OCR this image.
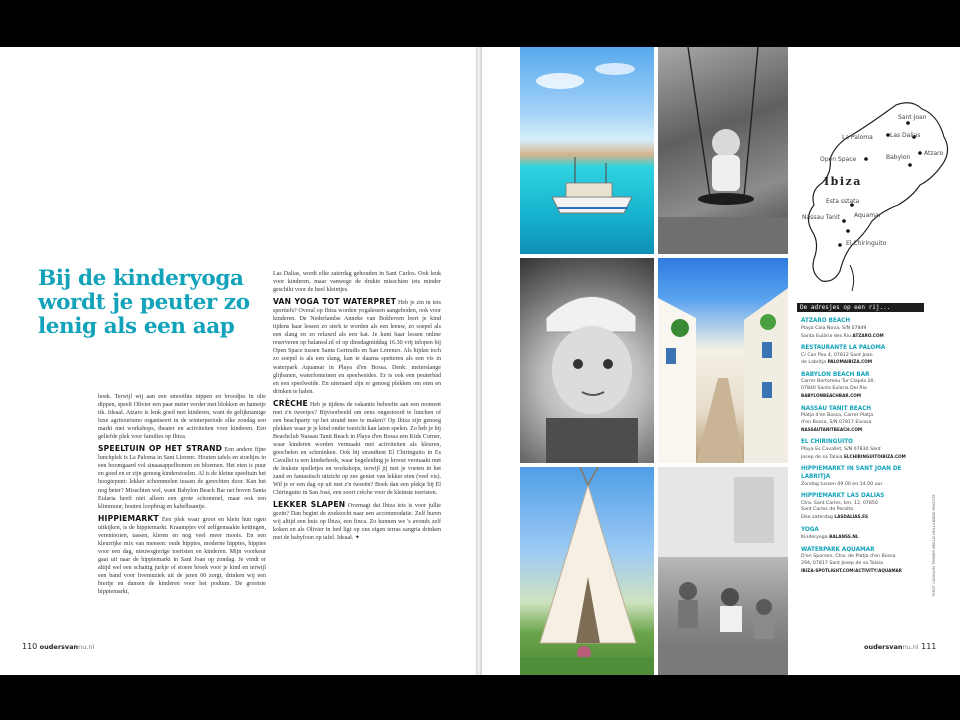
Bij de kinderyoga
wordt je peuter zo
lenig als een aap

hoek. Terwijl wij aan een smoothie nippen en broodjes in olie dippen, speelt Olivier een paar meter verder met blokken en hametje tik. Ideaal. Atzaro is leuk goed met kinderen, want de gelijknamige luxe agritourismo organiseert in de winterperiode elke zondag een markt met workshops, theater en activiteiten voor kinderen. Een geliefde plek voor families op Ibiza.

SPEELTUIN OP HET STRAND Een andere fijne lunchplek is La Paloma in Sant Llorenc. Houten tafels en stoeltjes in een boomgaard vol sinaasappelbomen en bloemen. Het eten is puur en goed en er zijn genoeg kinderstoelen. Al is de kleine speeltuin het hoogtepunt: lekker schommelen tussen de gerechten door. Kan het nog beter? Misschien wel, want Babylon Beach Bar net boven Santa Eularia heeft niet alleen een grote schommel, maar ook een klimmuur, houten loopbrug en kabelbaantje.

HIPPIEMARKT Een plek waar groot en klein hun ogen uitkijken, is de hippiemarkt. Kraampjes vol zelfgemaakte kettingen, verentooien, tassen, kleren en nog veel meer moois. En een kleurrijke mix van mensen: oude hippies, moderne hippies, hippies voor een dag, nieuwsgierige toeristen en kinderen. Mijn voorkeur gaat uit naar de hippiemarkt in Sant Joan op zondag. Je vindt er altijd wel een schattig jurkje of stoere broek voor je kind en terwijl een band voor livemuziek uit de jaren 60 zorgt, drinken wij een biertje en dansen de kinderen voor het podium. De grootste hippiemarkt,

Las Dalias, wordt elke zaterdag gehouden in Sant Carlos. Ook leuk voor kinderen, maar vanwege de drukte misschien iets minder geschikt voor de heel kleintjes.

VAN YOGA TOT WATERPRET Heb je zin in iets sportiefs? Overal op Ibiza worden yogalessen aangeboden, ook voor kinderen. De Nederlandse Anneke van Bokhoven leert je kind tijdens haar lessen zo sterk te worden als een leeuw, zo soepel als een slang en zo relaxed als een kat. Je kunt haar lessen online reserveren op balanssl.nl of op dinsdagmiddag 16.30 vrij inlopen bij Open Space tussen Santa Gertrudis en San Lorenzo. Als hijdan toch zo soepel is als een slang, kan ie daarna spetteren als een vis in waterpark Aquamar in Playa d'en Bossa. Denk: meterslange glijbanen, waterfonteinen en speelweides. Er is ook een peuterbad en een speelweide. En uiteraard zijn er genoeg plekken om eten en drinken te halen.

CRÈCHE Heb je tijdens de vakantie behoefte aan een moment met z'n tweetjes? Bijvoorbeeld om eens ongestoord te lunchen of een beachparty op het strand mee te maken? Op Ibiza zijn genoeg plekken waar je je kind onder toezicht kan laten spelen. Zo heb je bij Beachclub Nassau Tanit Beach in Playa d'en Bossa een Kids Corner, waar kinderen worden vermaakt met activiteiten als kleuren, goochelen en schminken. Ook bij strandtent El Chiringuito in Es Cavallet is een kinderhoek, waar begeleiding je kroost vermaakt met de leukste spelletjes en workshops, terwijl jij met je voeten in het zand en fantastisch uitzicht op zee geniet van lekker eten (veel vis). Wil je er een dag op uit met z'n tweeën? Boek dan een plekje bij El Chiringuito in San José, een soort crèche voor de kleinste toeristen.

LEKKER SLAPEN Overnagt dat Ibiza iets is voor jullie gezin? Dan begint de zoektocht naar een accommodatie. Zelf huren wij altijd een huis op Ibiza, een finca. Zo kunnen we 's avonds zelf koken en als Olivier in bed ligt op ons eigen terras sangria drinken met de babyfoon op tafel. Ideaal. ✦

110 oudersvannu.nl
Sant Joan
La Paloma	Las Dalias
Atzaro
Open Space	Babylon
Ibiza
Esta sstata
Nassau Tanit Aquamar
El Chiringuito
De adresjes op een rij...
ATZARO BEACH
Playa Cala Nova, S/N 07849
Santa Eulària des Riu ATZARO.COM
RESTAURANTE LA PALOMA
C/ Can Pou 4, 07812 Sant Joan
de Labritja PALOMAIBIZA.COM
BABYLON BEACH BAR
Carrer Bartomeu Tur Clapés 20,
07840 Santa Eularia Del Río
BABYLONBEACHBAR.COM
NASSAU TANIT BEACH
Platja d'en Bossa, Carrer Platja
d'en Bossa, S/N 07817 Eivissa
NASSAUTANITBEACH.COM
EL CHIRINGUITO
Playa Es Cavallet, S/N 07830 Sant
Josep de sa Talaia ELCHIRINGUITOIBIZA.COM
HIPPIEMARKT IN SANT JOAN DE LABRITJA
Zondag tussen 09.00 en 14.00 uur
HIPPIEMARKT LAS DALIAS
Ctra. Sant Carles, km. 12, 07850
Sant Carles de Peralta
Elke zaterdag LASDALIAS.ES
YOGA
Kinderyoga BALANSS.NL
WATERPARK AQUAMAR
D'en Sporsen, Ctra. de Platja d'en Bossa
294, 07817 Sant Josep de sa Talaia
IBIZA-SPOTLIGHT.COM/ACTIVITY/AQUAMAR	TEKST CAROLYN TIMMER BEELD HOLLANDSE HOOGTE
oudersvannu.nl 111
